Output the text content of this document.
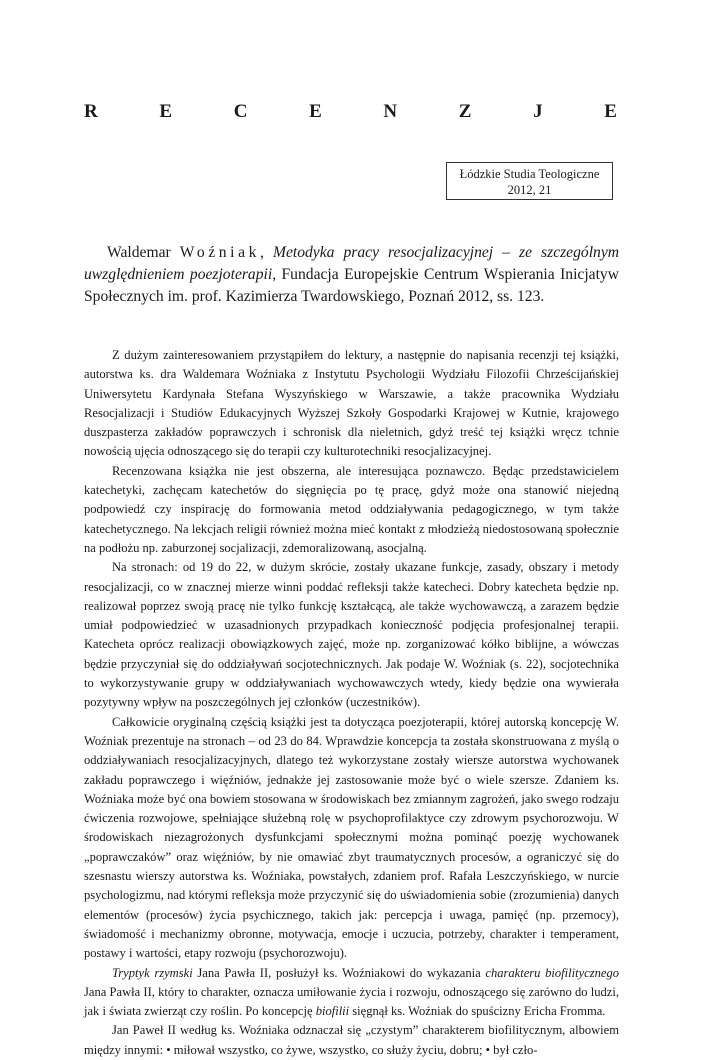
R	E	C	E	N	Z	J	E
Łódzkie Studia Teologiczne
2012, 21
Waldemar Woźniak, Metodyka pracy resocjalizacyjnej – ze szczególnym uwzględnieniem poezjoterapii, Fundacja Europejskie Centrum Wspierania Inicjatyw Społecznych im. prof. Kazimierza Twardowskiego, Poznań 2012, ss. 123.

Z dużym zainteresowaniem przystąpiłem do lektury, a następnie do napisania recenzji tej książki, autorstwa ks. dra Waldemara Woźniaka z Instytutu Psychologii Wydziału Filozofii Chrześcijańskiej Uniwersytetu Kardynała Stefana Wyszyńskiego w Warszawie, a także pracownika Wydziału Resocjalizacji i Studiów Edukacyjnych Wyższej Szkoły Gospodarki Krajowej w Kutnie, krajowego duszpasterza zakładów poprawczych i schronisk dla nieletnich, gdyż treść tej książki wręcz tchnie nowością ujęcia odnoszącego się do terapii czy kulturotechniki resocjalizacyjnej.

Recenzowana książka nie jest obszerna, ale interesująca poznawczo. Będąc przedstawicielem katechetyki, zachęcam katechetów do sięgnięcia po tę pracę, gdyż może ona stanowić niejedną podpowiedź czy inspirację do formowania metod oddziaływania pedagogicznego, w tym także katechetycznego. Na lekcjach religii również można mieć kontakt z młodzieżą niedostosowaną społecznie na podłożu np. zaburzonej socjalizacji, zdemoralizowaną, asocjalną.

Na stronach: od 19 do 22, w dużym skrócie, zostały ukazane funkcje, zasady, obszary i metody resocjalizacji, co w znacznej mierze winni poddać refleksji także katecheci. Dobry katecheta będzie np. realizował poprzez swoją pracę nie tylko funkcję kształcącą, ale także wychowawczą, a zarazem będzie umiał podpowiedzieć w uzasadnionych przypadkach konieczność podjęcia profesjonalnej terapii. Katecheta oprócz realizacji obowiązkowych zajęć, może np. zorganizować kółko biblijne, a wówczas będzie przyczyniał się do oddziaływań socjotechnicznych. Jak podaje W. Woźniak (s. 22), socjotechnika to wykorzystywanie grupy w oddziaływaniach wychowawczych wtedy, kiedy będzie ona wywierała pozytywny wpływ na poszczególnych jej członków (uczestników).

Całkowicie oryginalną częścią książki jest ta dotycząca poezjoterapii, której autorską koncepcję W. Woźniak prezentuje na stronach – od 23 do 84. Wprawdzie koncepcja ta została skonstruowana z myślą o oddziaływaniach resocjalizacyjnych, dlatego też wykorzystane zostały wiersze autorstwa wychowanek zakładu poprawczego i więźniów, jednakże jej zastosowanie może być o wiele szersze. Zdaniem ks. Woźniaka może być ona bowiem stosowana w środowiskach bez zmiannym zagrożeń, jako swego rodzaju ćwiczenia rozwojowe, spełniające służebną rolę w psychoprofilaktyce czy zdrowym psychorozwoju. W środowiskach niezagrożonych dysfunkcjami społecznymi można pominąć poezję wychowanek „poprawczaków” oraz więźniów, by nie omawiać zbyt traumatycznych procesów, a ograniczyć się do szesnastu wierszy autorstwa ks. Woźniaka, powstałych, zdaniem prof. Rafała Leszczyńskiego, w nurcie psychologizmu, nad którymi refleksja może przyczynić się do uświadomienia sobie (zrozumienia) danych elementów (procesów) życia psychicznego, takich jak: percepcja i uwaga, pamięć (np. przemocy), świadomość i mechanizmy obronne, motywacja, emocje i uczucia, potrzeby, charakter i temperament, postawy i wartości, etapy rozwoju (psychorozwoju).

Tryptyk rzymski Jana Pawła II, posłużył ks. Woźniakowi do wykazania charakteru biofilitycznego Jana Pawła II, który to charakter, oznacza umiłowanie życia i rozwoju, odnoszącego się zarówno do ludzi, jak i świata zwierząt czy roślin. Po koncepcję biofilii sięgnął ks. Woźniak do spuścizny Ericha Fromma.

Jan Paweł II według ks. Woźniaka odznaczał się „czystym” charakterem biofilitycznym, albowiem między innymi: • miłował wszystko, co żywe, wszystko, co służy życiu, dobru; • był czło-
